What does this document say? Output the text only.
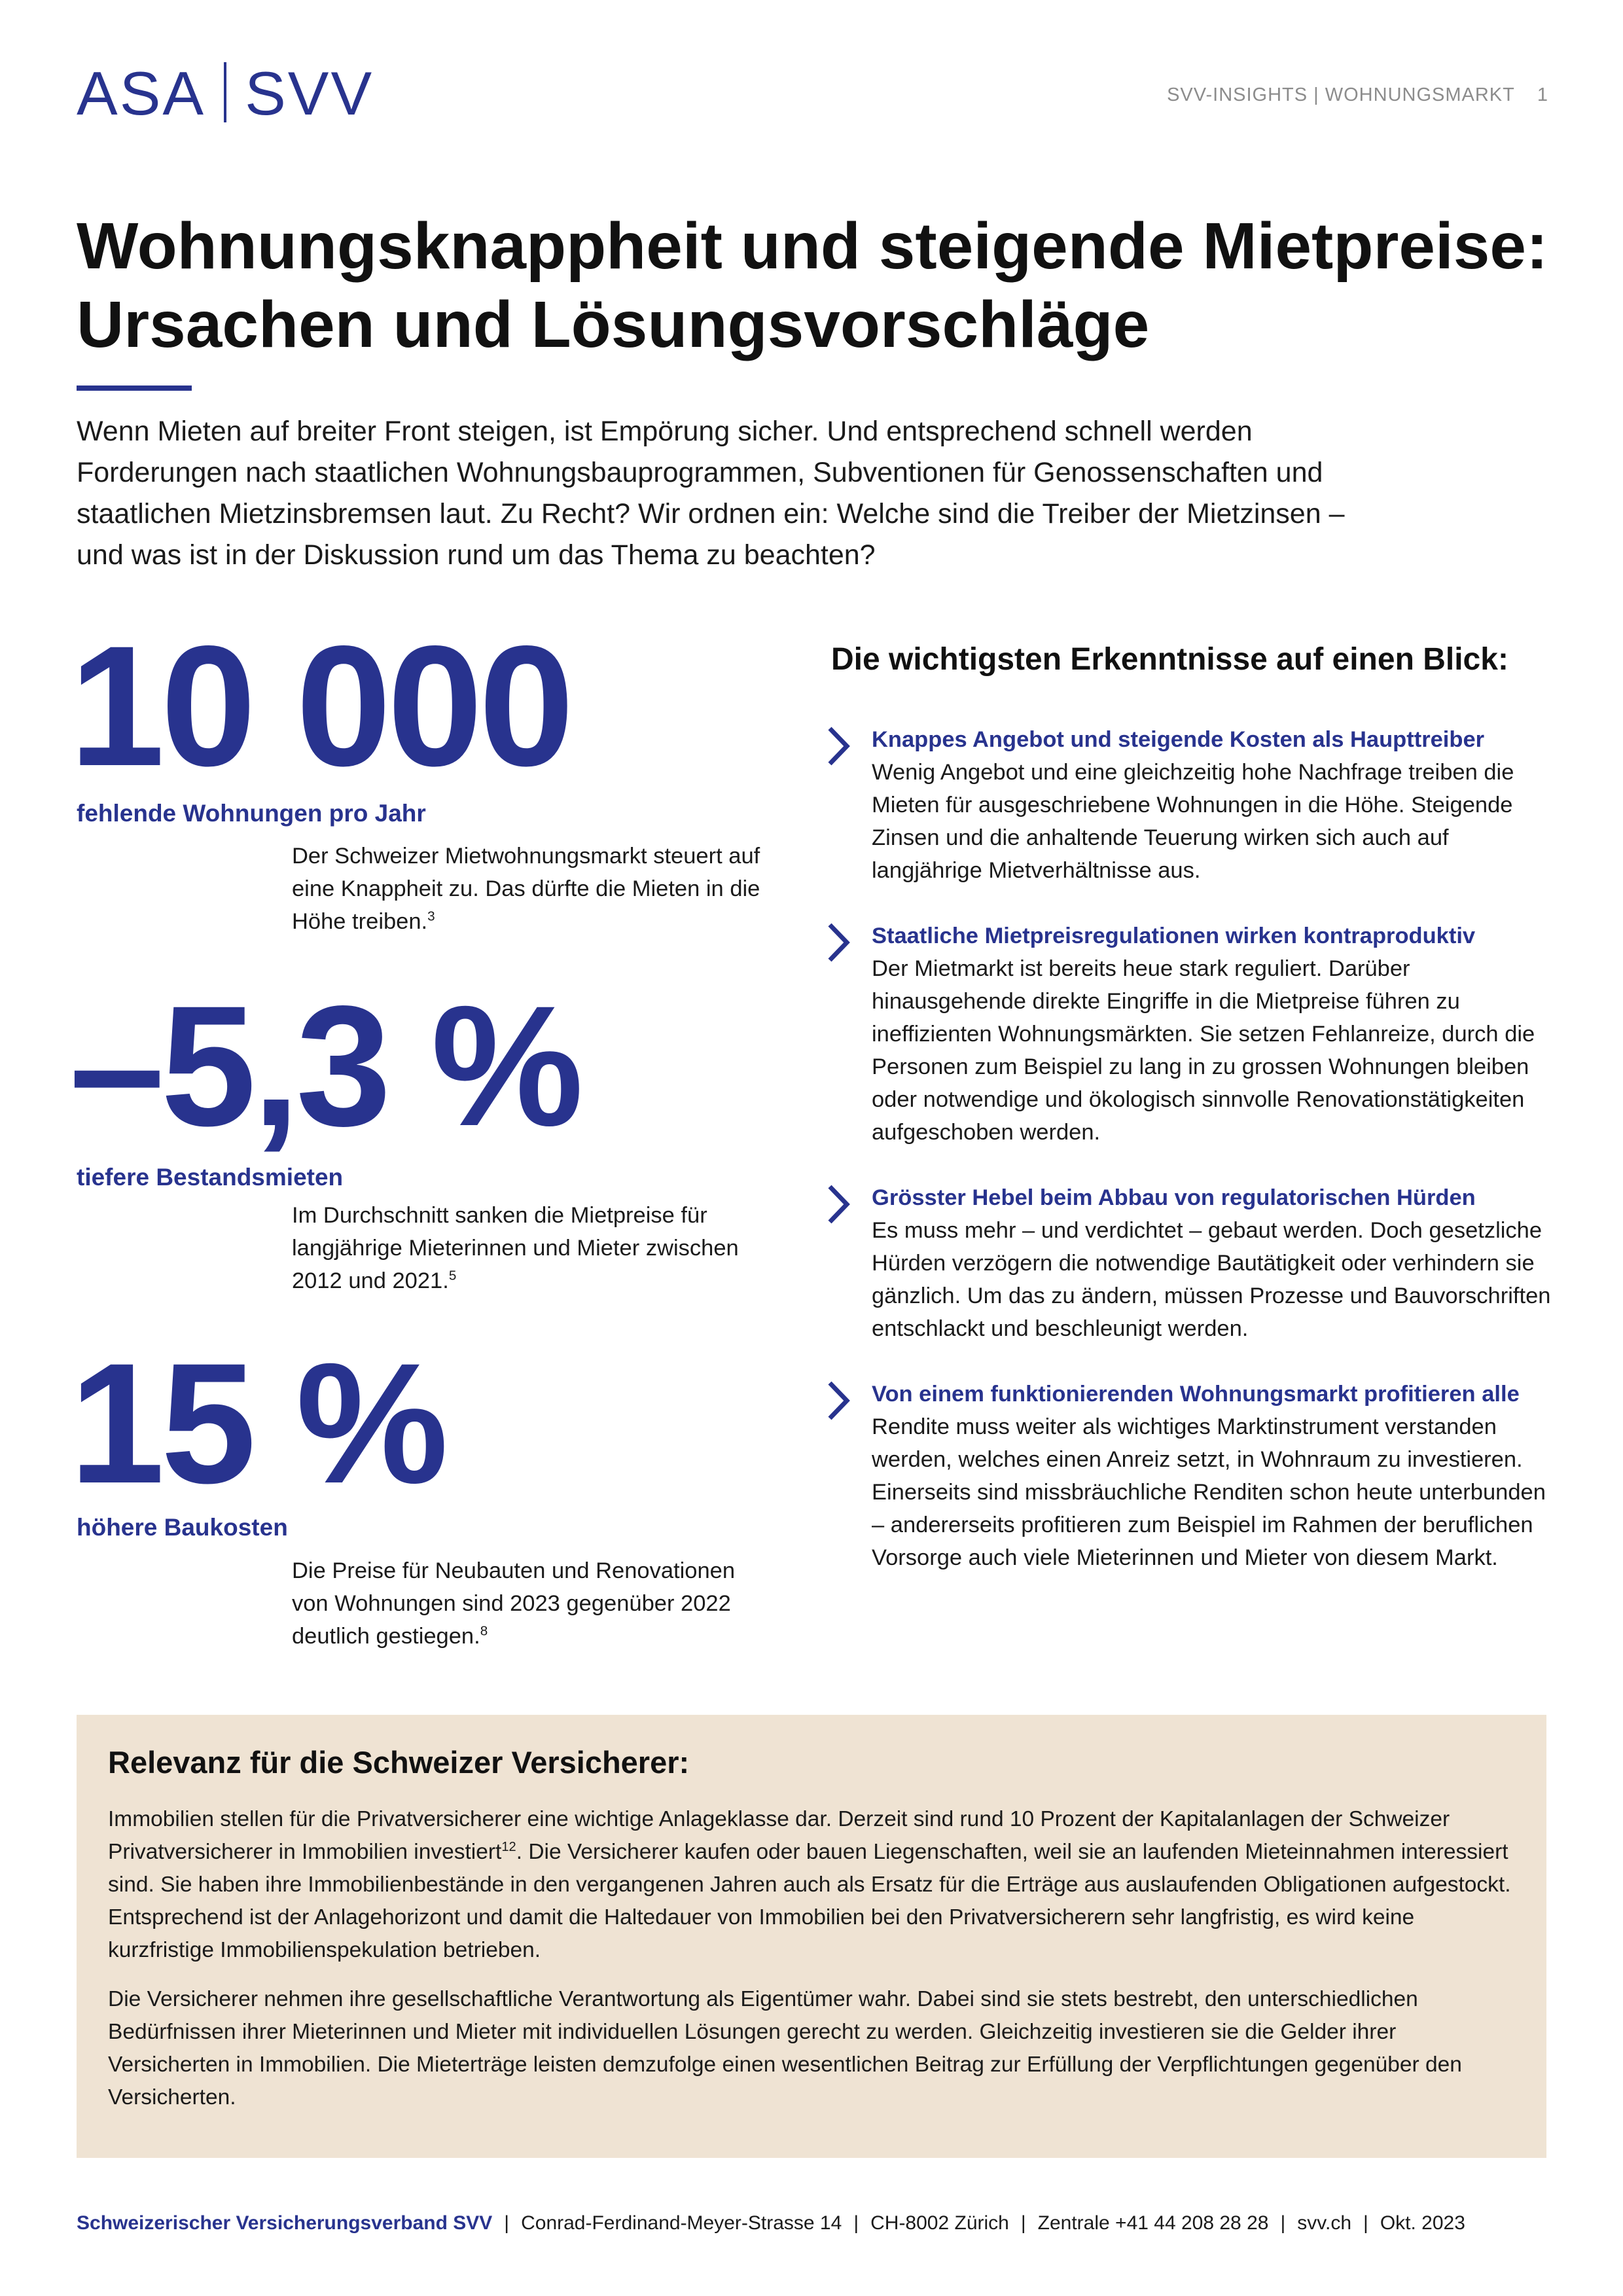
ASA SVV	SVV-INSIGHTS | WOHNUNGSMARKT 1
Wohnungsknappheit und steigende Mietpreise:
Ursachen und Lösungsvorschläge

Wenn Mieten auf breiter Front steigen, ist Empörung sicher. Und entsprechend schnell werden Forderungen nach staatlichen Wohnungsbauprogrammen, Subventionen für Genossenschaften und staatlichen Mietzinsbremsen laut. Zu Recht? Wir ordnen ein: Welche sind die Treiber der Mietzinsen – und was ist in der Diskussion rund um das Thema zu beachten?

10 000
fehlende Wohnungen pro Jahr

Der Schweizer Mietwohnungsmarkt steuert auf eine Knappheit zu. Das dürfte die Mieten in die Höhe treiben.$^3$

–5,3 %
tiefere Bestandsmieten

Im Durchschnitt sanken die Mietpreise für langjährige Mieterinnen und Mieter zwischen 2012 und 2021.$^5$

15 %
höhere Baukosten

Die Preise für Neubauten und Renovationen von Wohnungen sind 2023 gegenüber 2022 deutlich gestiegen.$^8$

Die wichtigsten Erkenntnisse auf einen Blick:
Knappes Angebot und steigende Kosten als Haupttreiber

Wenig Angebot und eine gleichzeitig hohe Nachfrage treiben die Mieten für ausgeschriebene Wohnungen in die Höhe. Steigende Zinsen und die anhaltende Teuerung wirken sich auch auf langjährige Mietverhältnisse aus.

Staatliche Mietpreisregulationen wirken kontraproduktiv

Der Mietmarkt ist bereits heue stark reguliert. Darüber hinausgehende direkte Eingriffe in die Mietpreise führen zu ineffizienten Wohnungsmärkten. Sie setzen Fehlanreize, durch die Personen zum Beispiel zu lang in zu grossen Wohnungen bleiben oder notwendige und ökologisch sinnvolle Renovationstätigkeiten aufgeschoben werden.

Grösster Hebel beim Abbau von regulatorischen Hürden

Es muss mehr – und verdichtet – gebaut werden. Doch gesetzliche Hürden verzögern die notwendige Bautätigkeit oder verhindern sie gänzlich. Um das zu ändern, müssen Prozesse und Bauvorschriften entschlackt und beschleunigt werden.

Von einem funktionierenden Wohnungsmarkt profitieren alle

Rendite muss weiter als wichtiges Marktinstrument verstanden werden, welches einen Anreiz setzt, in Wohnraum zu investieren. Einerseits sind missbräuchliche Renditen schon heute unterbunden – andererseits profitieren zum Beispiel im Rahmen der beruflichen Vorsorge auch viele Mieterinnen und Mieter von diesem Markt.

Relevanz für die Schweizer Versicherer:

Immobilien stellen für die Privatversicherer eine wichtige Anlageklasse dar. Derzeit sind rund 10 Prozent der Kapitalanlagen der Schweizer Privatversicherer in Immobilien investiert$^{12}$. Die Versicherer kaufen oder bauen Liegenschaften, weil sie an laufenden Mieteinnahmen interessiert sind. Sie haben ihre Immobilienbestände in den vergangenen Jahren auch als Ersatz für die Erträge aus auslaufenden Obligationen aufgestockt. Entsprechend ist der Anlagehorizont und damit die Haltedauer von Immobilien bei den Privatversicherern sehr langfristig, es wird keine kurzfristige Immobilienspekulation betrieben.

Die Versicherer nehmen ihre gesellschaftliche Verantwortung als Eigentümer wahr. Dabei sind sie stets bestrebt, den unterschiedlichen Bedürfnissen ihrer Mieterinnen und Mieter mit individuellen Lösungen gerecht zu werden. Gleichzeitig investieren sie die Gelder ihrer Versicherten in Immobilien. Die Mieterträge leisten demzufolge einen wesentlichen Beitrag zur Erfüllung der Verpflichtungen gegenüber den Versicherten.

Schweizerischer Versicherungsverband SVV | Conrad-Ferdinand-Meyer-Strasse 14 | CH-8002 Zürich | Zentrale +41 44 208 28 28 | svv.ch | Okt. 2023
